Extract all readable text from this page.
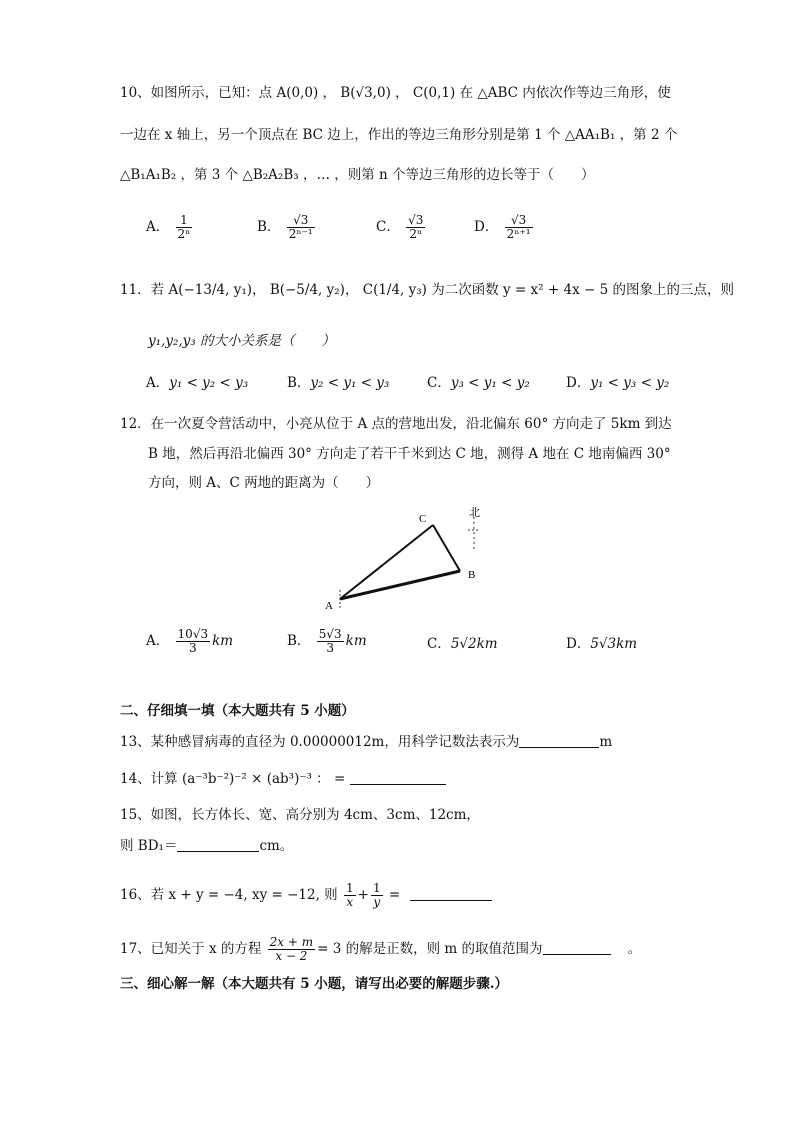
10、如图所示，已知：点 A(0,0) ， B(√3,0) ， C(0,1) 在 △ABC 内依次作等边三角形，使
一边在 x 轴上，另一个顶点在 BC 边上，作出的等边三角形分别是第 1 个 △AA₁B₁ ，第 2 个
△B₁A₁B₂ ，第 3 个 △B₂A₂B₃ ，… ，则第 n 个等边三角形的边长等于（　　）
A． $\frac{1}{\text{2ⁿ}}$	B． $\frac{√3}{\text{2ⁿ⁻¹}}$	C． $\frac{√3}{\text{2ⁿ}}$	D． $\frac{√3}{\text{2ⁿ⁺¹}}$
11．若 A(−13/4, y₁)， B(−5/4, y₂)， C(1/4, y₃) 为二次函数 y = x² + 4x − 5 的图象上的三点，则
y₁,y₂,y₃ 的大小关系是（　　）
A．y₁ < y₂ < y₃	B．y₂ < y₁ < y₃	C．y₃ < y₁ < y₂	D．y₁ < y₃ < y₂
12．在一次夏令营活动中，小亮从位于 A 点的营地出发，沿北偏东 60° 方向走了 5km 到达
B 地，然后再沿北偏西 30° 方向走了若干千米到达 C 地，测得 A 地在 C 地南偏西 30°
方向，则 A、C 两地的距离为（　　）
C
B
A
北
A． $\frac{10√3}{3}$ km	B． $\frac{5√3}{3}$ km	C．5√2km	D．5√3km
二、仔细填一填（本大题共有 5 小题）
13、某种感冒病毒的直径为 0.00000012m，用科学记数法表示为	m
14、计算 (a⁻³b⁻²)⁻² × (ab³)⁻³ ： =
15、如图，长方体长、宽、高分别为 4cm、3cm、12cm，
则 BD₁＝	cm。
16、若 x + y = −4, xy = −12, 则 $\frac{1}{x} + \frac{1}{y}$ =
17、已知关于 x 的方程 $\frac{2x + m}{x - 2} = 3$ 的解是正数，则 m 的取值范围为	。
三、细心解一解（本大题共有 5 小题，请写出必要的解题步骤.）
